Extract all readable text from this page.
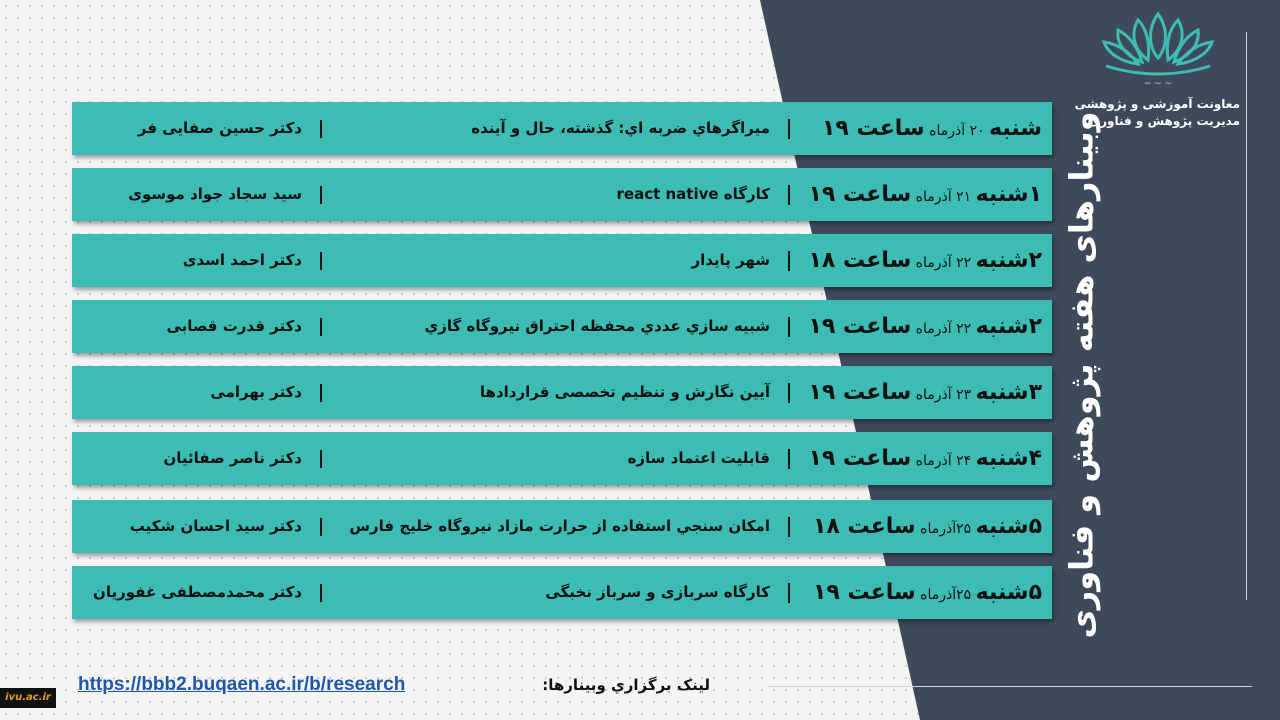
~ ~ ~
معاونت آموزشی و پژوهشی
مدیریت پژوهش و فناوری
وبینارهای هفته پژوهش و فناوری
شنبه ۲۰ آذرماه ساعت ۱۹
ميراگرهاي ضربه اي: گذشته، حال و آينده
دکتر حسین صفایی فر
۱شنبه ۲۱ آذرماه ساعت ۱۹
کارگاه react native
سید سجاد جواد موسوی
۲شنبه ۲۲ آذرماه ساعت ۱۸
شهر پایدار
دکتر احمد اسدی
۲شنبه ۲۲ آذرماه ساعت ۱۹
شبيه سازي عددي محفظه احتراق نيروگاه گازي
دکتر قدرت قصابی
۳شنبه ۲۳ آذرماه ساعت ۱۹
آیین نگارش و تنظیم تخصصی قراردادها
دکتر بهرامی
۴شنبه ۲۴ آذرماه ساعت ۱۹
قابلیت اعتماد سازه
دکتر ناصر صفائیان
۵شنبه ۲۵آذرماه ساعت ۱۸
امکان سنجي استفاده از حرارت مازاد نيروگاه خليج فارس
دکتر سید احسان شکیب
۵شنبه ۲۵آذرماه ساعت ۱۹
کارگاه سربازی و سرباز نخبگی
دکتر محمدمصطفی غفوریان
لینک برگزاري وبينارها:
https://bbb2.buqaen.ac.ir/b/research
ivu.ac.ir
